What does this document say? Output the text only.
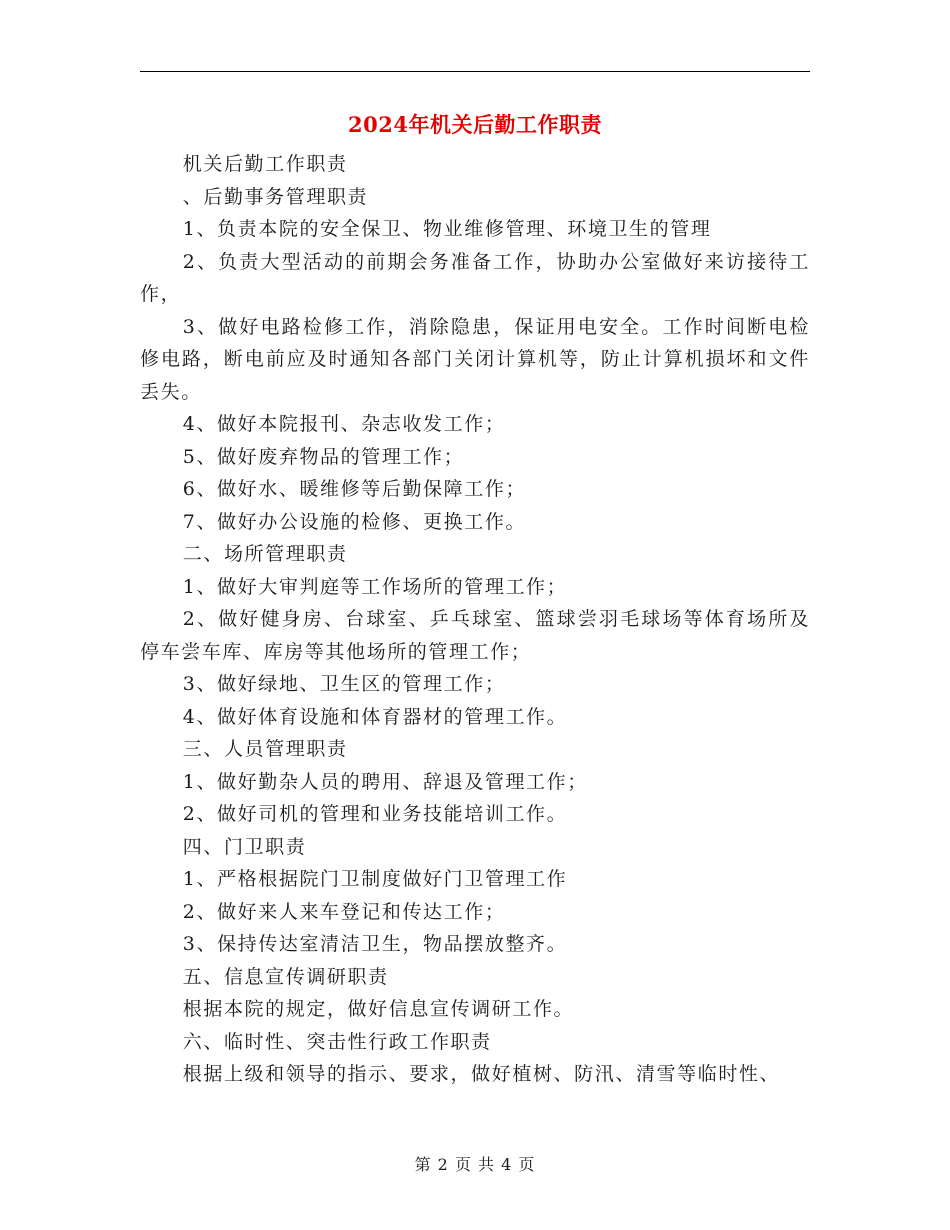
2024年机关后勤工作职责

机关后勤工作职责

、后勤事务管理职责

1、负责本院的安全保卫、物业维修管理、环境卫生的管理

2、负责大型活动的前期会务准备工作，协助办公室做好来访接待工作，

3、做好电路检修工作，消除隐患，保证用电安全。工作时间断电检修电路，断电前应及时通知各部门关闭计算机等，防止计算机损坏和文件丢失。

4、做好本院报刊、杂志收发工作；

5、做好废弃物品的管理工作；

6、做好水、暖维修等后勤保障工作；

7、做好办公设施的检修、更换工作。

二、场所管理职责

1、做好大审判庭等工作场所的管理工作；

2、做好健身房、台球室、乒乓球室、篮球尝羽毛球场等体育场所及停车尝车库、库房等其他场所的管理工作；

3、做好绿地、卫生区的管理工作；

4、做好体育设施和体育器材的管理工作。

三、人员管理职责

1、做好勤杂人员的聘用、辞退及管理工作；

2、做好司机的管理和业务技能培训工作。

四、门卫职责

1、严格根据院门卫制度做好门卫管理工作

2、做好来人来车登记和传达工作；

3、保持传达室清洁卫生，物品摆放整齐。

五、信息宣传调研职责

根据本院的规定，做好信息宣传调研工作。

六、临时性、突击性行政工作职责

根据上级和领导的指示、要求，做好植树、防汛、清雪等临时性、

第 2 页 共 4 页
